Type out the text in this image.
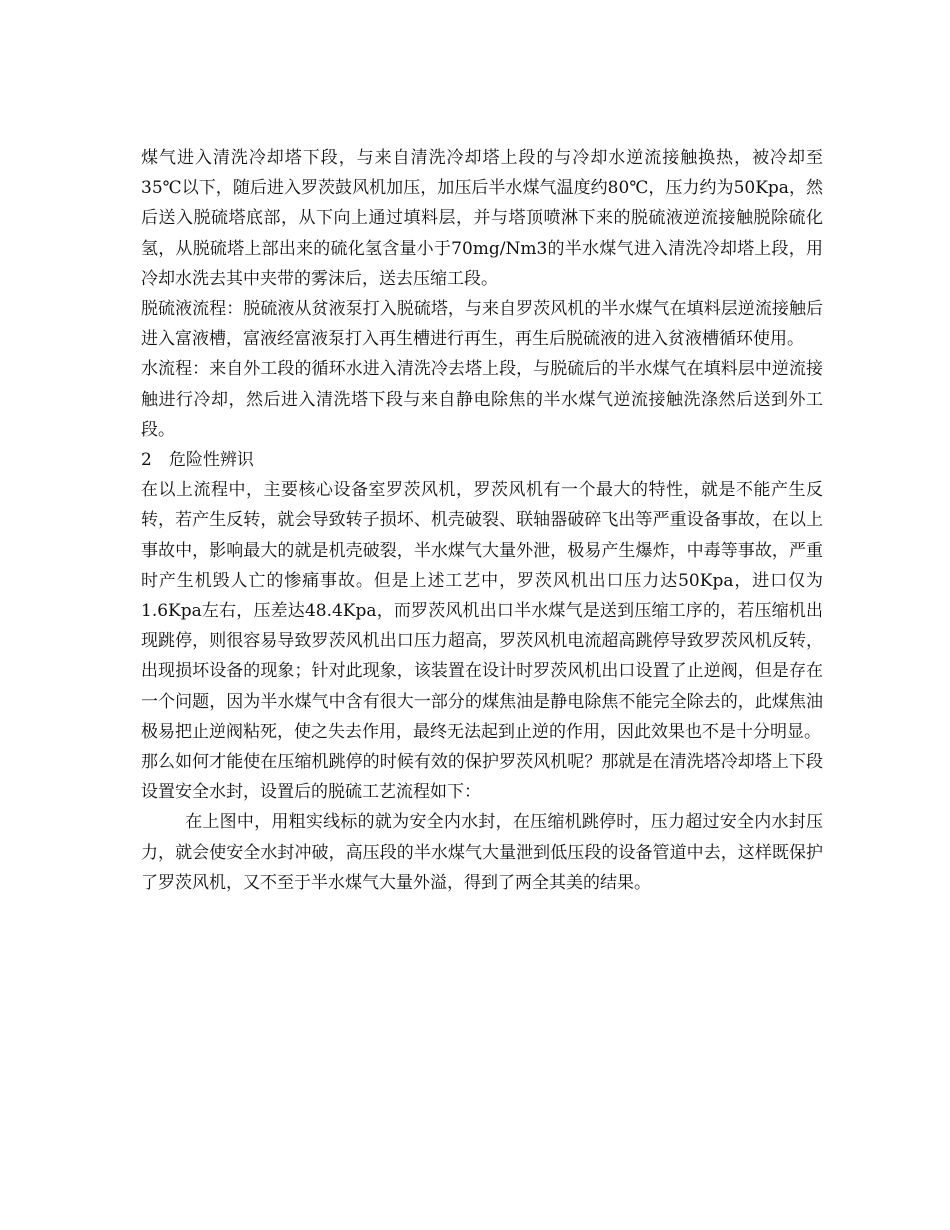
煤气进入清洗冷却塔下段，与来自清洗冷却塔上段的与冷却水逆流接触换热，被冷却至35℃以下，随后进入罗茨鼓风机加压，加压后半水煤气温度约80℃，压力约为50Kpa，然后送入脱硫塔底部，从下向上通过填料层，并与塔顶喷淋下来的脱硫液逆流接触脱除硫化氢，从脱硫塔上部出来的硫化氢含量小于70mg/Nm3的半水煤气进入清洗冷却塔上段，用冷却水洗去其中夹带的雾沫后，送去压缩工段。

脱硫液流程：脱硫液从贫液泵打入脱硫塔，与来自罗茨风机的半水煤气在填料层逆流接触后进入富液槽，富液经富液泵打入再生槽进行再生，再生后脱硫液的进入贫液槽循环使用。

水流程：来自外工段的循环水进入清洗冷去塔上段，与脱硫后的半水煤气在填料层中逆流接触进行冷却，然后进入清洗塔下段与来自静电除焦的半水煤气逆流接触洗涤然后送到外工段。

2　危险性辨识

在以上流程中，主要核心设备室罗茨风机，罗茨风机有一个最大的特性，就是不能产生反转，若产生反转，就会导致转子损坏、机壳破裂、联轴器破碎飞出等严重设备事故，在以上事故中，影响最大的就是机壳破裂，半水煤气大量外泄，极易产生爆炸，中毒等事故，严重时产生机毁人亡的惨痛事故。但是上述工艺中，罗茨风机出口压力达50Kpa，进口仅为1.6Kpa左右，压差达48.4Kpa，而罗茨风机出口半水煤气是送到压缩工序的，若压缩机出现跳停，则很容易导致罗茨风机出口压力超高，罗茨风机电流超高跳停导致罗茨风机反转，出现损坏设备的现象；针对此现象，该装置在设计时罗茨风机出口设置了止逆阀，但是存在一个问题，因为半水煤气中含有很大一部分的煤焦油是静电除焦不能完全除去的，此煤焦油极易把止逆阀粘死，使之失去作用，最终无法起到止逆的作用，因此效果也不是十分明显。

那么如何才能使在压缩机跳停的时候有效的保护罗茨风机呢？那就是在清洗塔冷却塔上下段设置安全水封，设置后的脱硫工艺流程如下：

在上图中，用粗实线标的就为安全内水封，在压缩机跳停时，压力超过安全内水封压力，就会使安全水封冲破，高压段的半水煤气大量泄到低压段的设备管道中去，这样既保护了罗茨风机，又不至于半水煤气大量外溢，得到了两全其美的结果。
